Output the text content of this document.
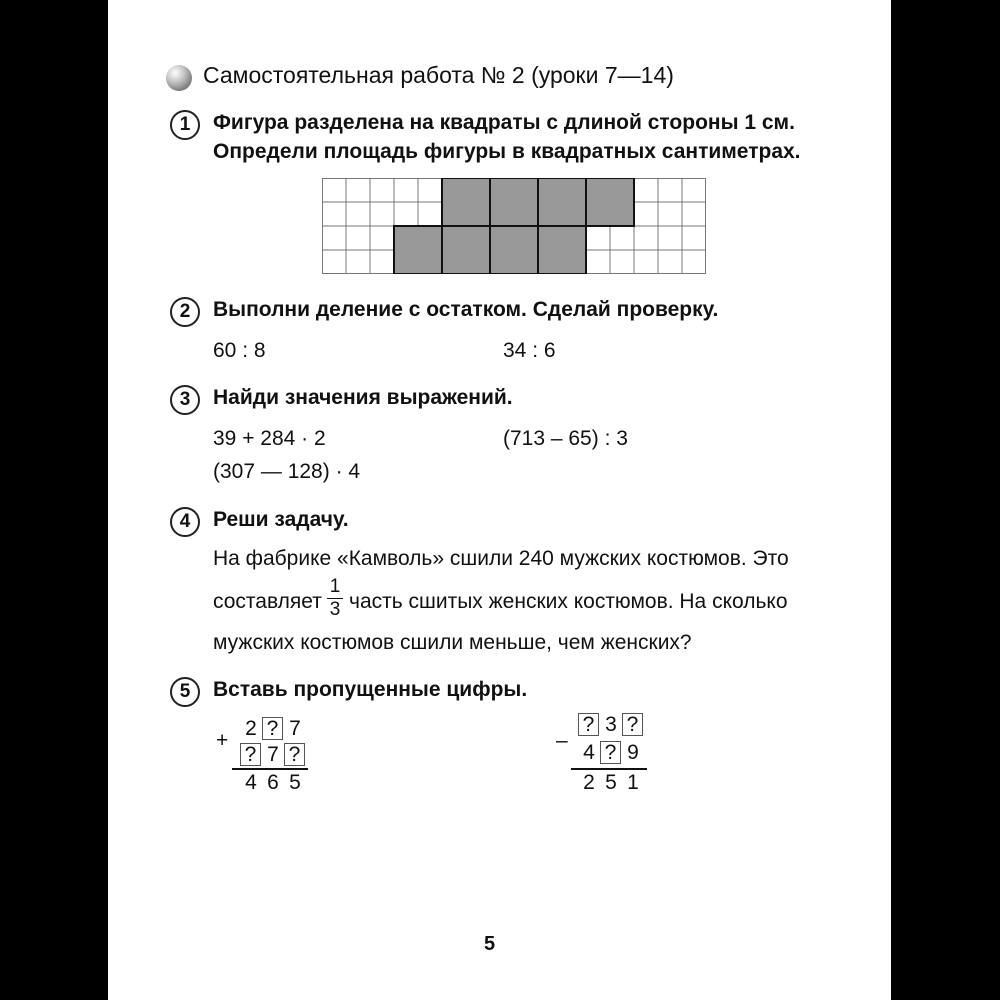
Самостоятельная работа № 2 (уроки 7—14)
1	Фигура разделена на квадраты с длиной стороны 1 см.
Определи площадь фигуры в квадратных сантиметрах.
2	Выполни деление с остатком. Сделай проверку.
60 : 8	34 : 6
3	Найди значения выражений.
39 + 284 · 2	(713 – 65) : 3
(307 — 128) · 4
4	Реши задачу.
На фабрике «Камволь» сшили 240 мужских костюмов. Это
составляет
1
3 часть сшитых женских костюмов. На сколько
мужских костюмов сшили меньше, чем женских?
5	Вставь пропущенные цифры.
+
2 ? 7
? 7 ?
4 6 5
–
? 3 ?
4 ? 9
2 5 1
5
